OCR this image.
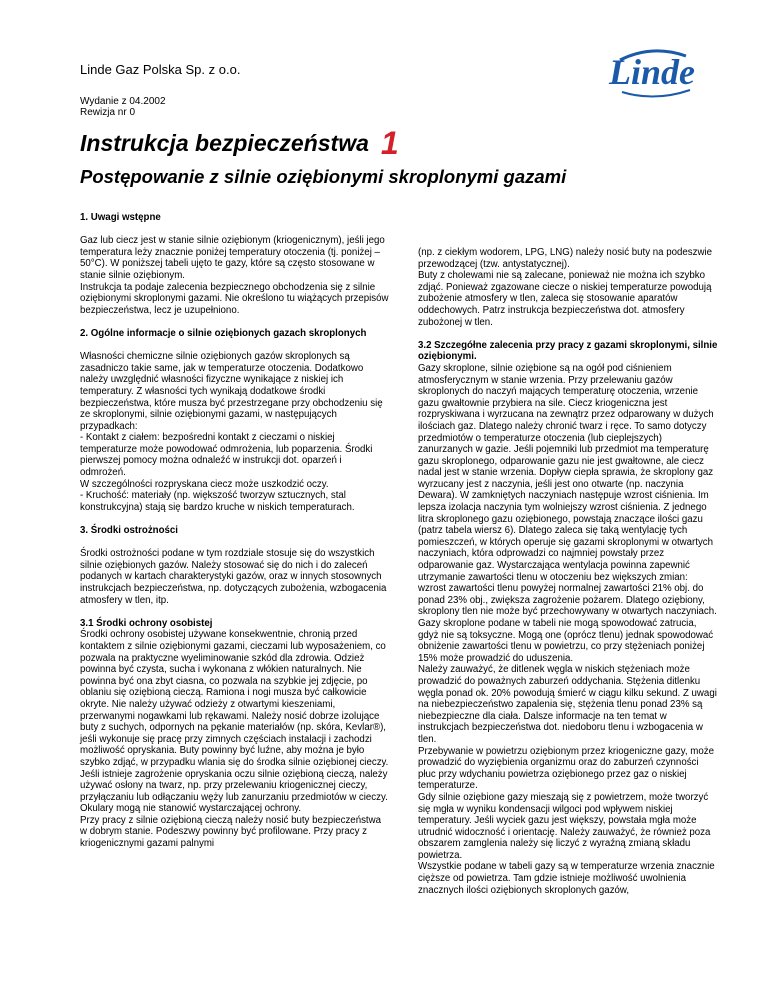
Linde Gaz Polska Sp. z o.o.
Wydanie z 04.2002
Rewizja nr 0
Linde
Instrukcja bezpieczeństwa 1
Postępowanie z silnie oziębionymi skroplonymi gazami
1. Uwagi wstępne

Gaz lub ciecz jest w stanie silnie oziębionym (kriogenicznym), jeśli jego temperatura leży znacznie poniżej temperatury otoczenia (tj. poniżej –50°C). W poniższej tabeli ujęto te gazy, które są często stosowane w stanie silnie oziębionym.

Instrukcja ta podaje zalecenia bezpiecznego obchodzenia się z silnie oziębionymi skroplonymi gazami. Nie określono tu wiążących przepisów bezpieczeństwa, lecz je uzupełniono.

2. Ogólne informacje o silnie oziębionych gazach skroplonych

Własności chemiczne silnie oziębionych gazów skroplonych są zasadniczo takie same, jak w temperaturze otoczenia. Dodatkowo należy uwzględnić własności fizyczne wynikające z niskiej ich temperatury. Z własności tych wynikają dodatkowe środki bezpieczeństwa, które musza być przestrzegane przy obchodzeniu się ze skroplonymi, silnie oziębionymi gazami, w następujących przypadkach:

- Kontakt z ciałem: bezpośredni kontakt z cieczami o niskiej temperaturze może powodować odmrożenia, lub poparzenia. Środki pierwszej pomocy można odnaleźć w instrukcji dot. oparzeń i odmrożeń.

W szczególności rozpryskana ciecz może uszkodzić oczy.

- Kruchość: materiały (np. większość tworzyw sztucznych, stal konstrukcyjna) stają się bardzo kruche w niskich temperaturach.

3. Środki ostrożności

Środki ostrożności podane w tym rozdziale stosuje się do wszystkich silnie oziębionych gazów. Należy stosować się do nich i do zaleceń podanych w kartach charakterystyki gazów, oraz w innych stosownych instrukcjach bezpieczeństwa, np. dotyczących zubożenia, wzbogacenia atmosfery w tlen, itp.

3.1 Środki ochrony osobistej

Środki ochrony osobistej używane konsekwentnie, chronią przed kontaktem z silnie oziębionymi gazami, cieczami lub wyposażeniem, co pozwala na praktyczne wyeliminowanie szkód dla zdrowia. Odzież powinna być czysta, sucha i wykonana z włókien naturalnych. Nie powinna być ona zbyt ciasna, co pozwala na szybkie jej zdjęcie, po oblaniu się oziębioną cieczą. Ramiona i nogi musza być całkowicie okryte. Nie należy używać odzieży z otwartymi kieszeniami, przerwanymi nogawkami lub rękawami. Należy nosić dobrze izolujące buty z suchych, odpornych na pękanie materiałów (np. skóra, Kevlar®), jeśli wykonuje się pracę przy zimnych częściach instalacji i zachodzi możliwość opryskania. Buty powinny być luźne, aby można je było szybko zdjąć, w przypadku wlania się do środka silnie oziębionej cieczy. Jeśli istnieje zagrożenie opryskania oczu silnie oziębioną cieczą, należy używać osłony na twarz, np. przy przelewaniu kriogenicznej cieczy, przyłączaniu lub odłączaniu węży lub zanurzaniu przedmiotów w cieczy. Okulary mogą nie stanowić wystarczającej ochrony.

Przy pracy z silnie oziębioną cieczą należy nosić buty bezpieczeństwa w dobrym stanie. Podeszwy powinny być profilowane. Przy pracy z kriogenicznymi gazami palnymi

(np. z ciekłym wodorem, LPG, LNG) należy nosić buty na podeszwie przewodzącej (tzw. antystatycznej).

Buty z cholewami nie są zalecane, ponieważ nie można ich szybko zdjąć. Ponieważ zgazowane ciecze o niskiej temperaturze powodują zubożenie atmosfery w tlen, zaleca się stosowanie aparatów oddechowych. Patrz instrukcja bezpieczeństwa dot. atmosfery zubożonej w tlen.

3.2 Szczegółne zalecenia przy pracy z gazami skroplonymi, silnie oziębionymi.

Gazy skroplone, silnie oziębione są na ogół pod ciśnieniem atmosferycznym w stanie wrzenia. Przy przelewaniu gazów skroplonych do naczyń mających temperaturę otoczenia, wrzenie gazu gwałtownie przybiera na sile. Ciecz kriogeniczna jest rozpryskiwana i wyrzucana na zewnątrz przez odparowany w dużych ilościach gaz. Dlatego należy chronić twarz i ręce. To samo dotyczy przedmiotów o temperaturze otoczenia (lub cieplejszych) zanurzanych w gazie. Jeśli pojemniki lub przedmiot ma temperaturę gazu skroplonego, odparowanie gazu nie jest gwałtowne, ale ciecz nadal jest w stanie wrzenia. Dopływ ciepła sprawia, że skroplony gaz wyrzucany jest z naczynia, jeśli jest ono otwarte (np. naczynia Dewara). W zamkniętych naczyniach następuje wzrost ciśnienia. Im lepsza izolacja naczynia tym wolniejszy wzrost ciśnienia. Z jednego litra skroplonego gazu oziębionego, powstają znaczące ilości gazu (patrz tabela wiersz 6). Dlatego zaleca się taką wentylację tych pomieszczeń, w których operuje się gazami skroplonymi w otwartych naczyniach, która odprowadzi co najmniej powstały przez odparowanie gaz. Wystarczająca wentylacja powinna zapewnić utrzymanie zawartości tlenu w otoczeniu bez większych zmian: wzrost zawartości tlenu powyżej normalnej zawartości 21% obj. do ponad 23% obj., zwiększa zagrożenie pożarem. Dlatego oziębiony, skroplony tlen nie może być przechowywany w otwartych naczyniach.

Gazy skroplone podane w tabeli nie mogą spowodować zatrucia, gdyż nie są toksyczne. Mogą one (oprócz tlenu) jednak spowodować obniżenie zawartości tlenu w powietrzu, co przy stężeniach poniżej 15% może prowadzić do uduszenia.

Należy zauważyć, że ditlenek węgla w niskich stężeniach może prowadzić do poważnych zaburzeń oddychania. Stężenia ditlenku węgla ponad ok. 20% powodują śmierć w ciągu kilku sekund. Z uwagi na niebezpieczeństwo zapalenia się, stężenia tlenu ponad 23% są niebezpieczne dla ciała. Dalsze informacje na ten temat w instrukcjach bezpieczeństwa dot. niedoboru tlenu i wzbogacenia w tlen.

Przebywanie w powietrzu oziębionym przez kriogeniczne gazy, może prowadzić do wyziębienia organizmu oraz do zaburzeń czynności płuc przy wdychaniu powietrza oziębionego przez gaz o niskiej temperaturze.

Gdy silnie oziębione gazy mieszają się z powietrzem, może tworzyć się mgła w wyniku kondensacji wilgoci pod wpływem niskiej temperatury. Jeśli wyciek gazu jest większy, powstała mgła może utrudnić widoczność i orientację. Należy zauważyć, że również poza obszarem zamglenia należy się liczyć z wyraźną zmianą składu powietrza.

Wszystkie podane w tabeli gazy są w temperaturze wrzenia znacznie cięższe od powietrza. Tam gdzie istnieje możliwość uwolnienia znacznych ilości oziębionych skroplonych gazów,
